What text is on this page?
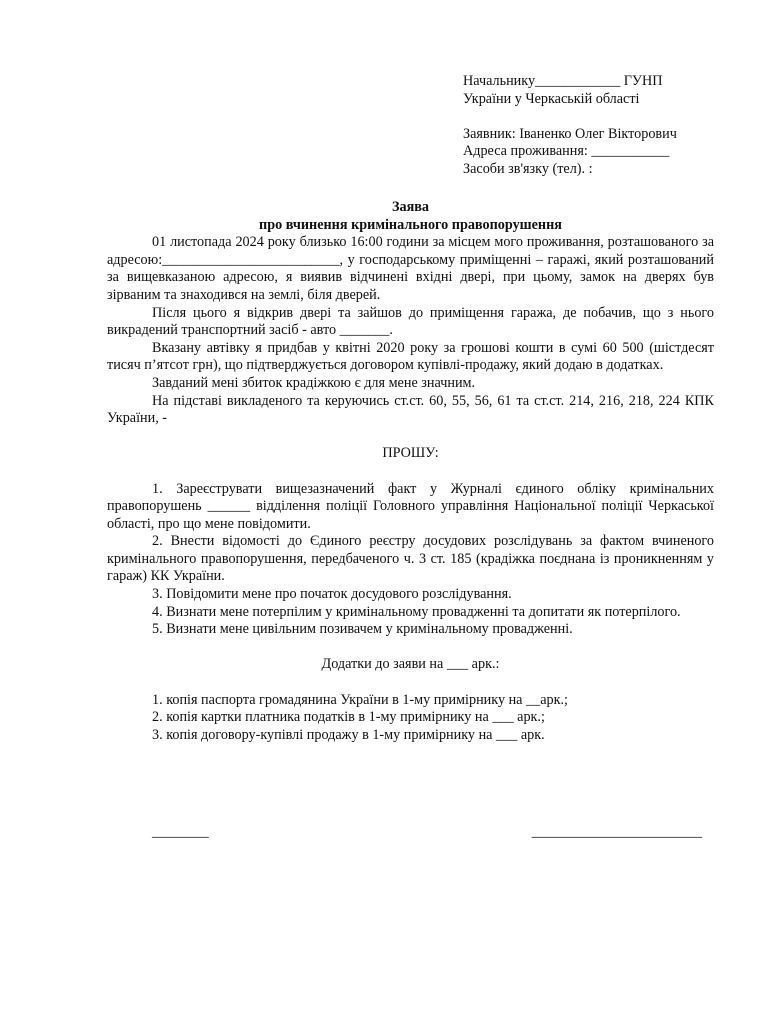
Начальнику____________ ГУНП
України у Черкаській області
Заявник: Іваненко Олег Вікторович
Адреса проживання: ___________
Засоби зв'язку (тел). :
Заява
про вчинення кримінального правопорушення
01 листопада 2024 року близько 16:00 години за місцем мого проживання, розташованого за адресою:_________________________, у господарському приміщенні – гаражі, який розташований за вищевказаною адресою, я виявив відчинені вхідні двері, при цьому, замок на дверях був зірваним та знаходився на землі, біля дверей.
Після цього я відкрив двері та зайшов до приміщення гаража, де побачив, що з нього викрадений транспортний засіб - авто _______.
Вказану автівку я придбав у квітні 2020 року за грошові кошти в сумі 60 500 (шістдесят тисяч п’ятсот грн), що підтверджується договором купівлі-продажу, який додаю в додатках.
Завданий мені збиток крадіжкою є для мене значним.
На підставі викладеного та керуючись ст.ст. 60, 55, 56, 61 та ст.ст. 214, 216, 218, 224 КПК України, -
ПРОШУ:
1. Зареєструвати вищезазначений факт у Журналі єдиного обліку кримінальних правопорушень ______ відділення поліції Головного управління Національної поліції Черкаської області, про що мене повідомити.
2. Внести відомості до Єдиного реєстру досудових розслідувань за фактом вчиненого кримінального правопорушення, передбаченого ч. 3 ст. 185 (крадіжка поєднана із проникненням у гараж) КК України.
3. Повідомити мене про початок досудового розслідування.
4. Визнати мене потерпілим у кримінальному провадженні та допитати як потерпілого.
5. Визнати мене цивільним позивачем у кримінальному провадженні.
Додатки до заяви на ___ арк.:
1. копія паспорта громадянина України в 1-му примірнику на __арк.;
2. копія картки платника податків в 1-му примірнику на ___ арк.;
3. копія договору-купівлі продажу в 1-му примірнику на ___ арк.
________	________________________
